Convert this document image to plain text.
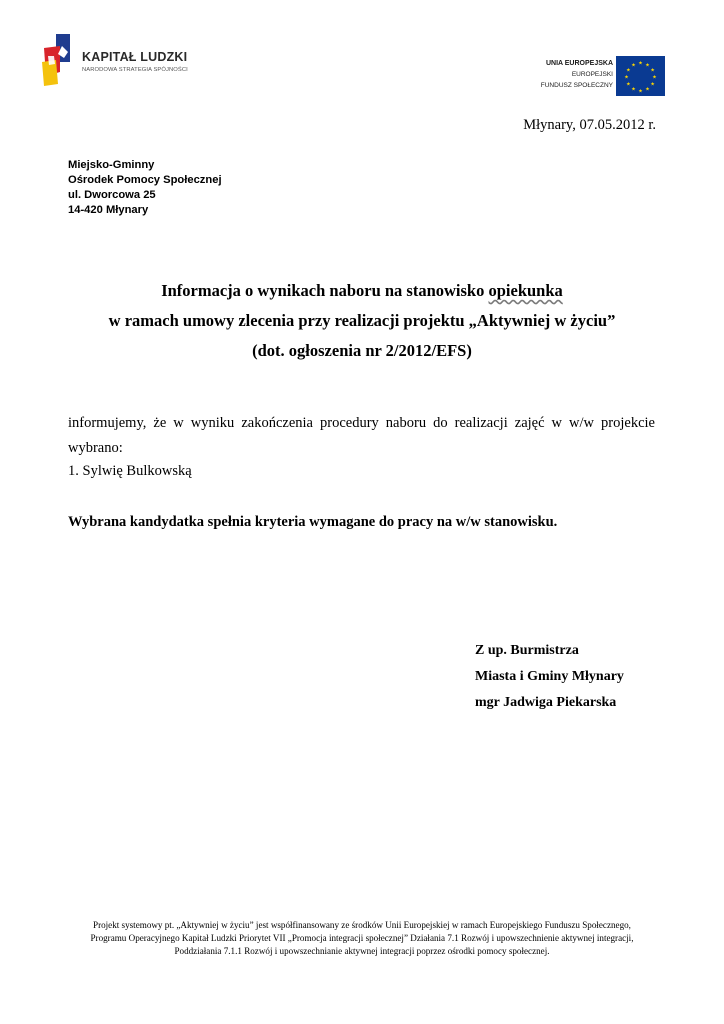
KAPITAŁ LUDZKI
NARODOWA STRATEGIA SPÓJNOŚCI
UNIA EUROPEJSKA
EUROPEJSKI
FUNDUSZ SPOŁECZNY
★ ★
★
★
★
★
★
★
★
★
★
★
Młynary, 07.05.2012 r.
Miejsko-Gminny
Ośrodek Pomocy Społecznej
ul. Dworcowa 25
14-420 Młynary
Informacja o wynikach naboru na stanowisko opiekunka
w ramach umowy zlecenia przy realizacji projektu „Aktywniej w życiu”
(dot. ogłoszenia nr 2/2012/EFS)
informujemy, że w wyniku zakończenia procedury naboru do realizacji zajęć w w/w projekcie wybrano:
1. Sylwię Bulkowską
Wybrana kandydatka spełnia kryteria wymagane do pracy na w/w stanowisku.
Z up. Burmistrza
Miasta i Gminy Młynary
mgr Jadwiga Piekarska
Projekt systemowy pt. „Aktywniej w życiu” jest współfinansowany ze środków Unii Europejskiej w ramach Europejskiego Funduszu Społecznego,
Programu Operacyjnego Kapitał Ludzki Priorytet VII „Promocja integracji społecznej” Działania 7.1 Rozwój i upowszechnienie aktywnej integracji,
Poddziałania 7.1.1 Rozwój i upowszechnianie aktywnej integracji poprzez ośrodki pomocy społecznej.
